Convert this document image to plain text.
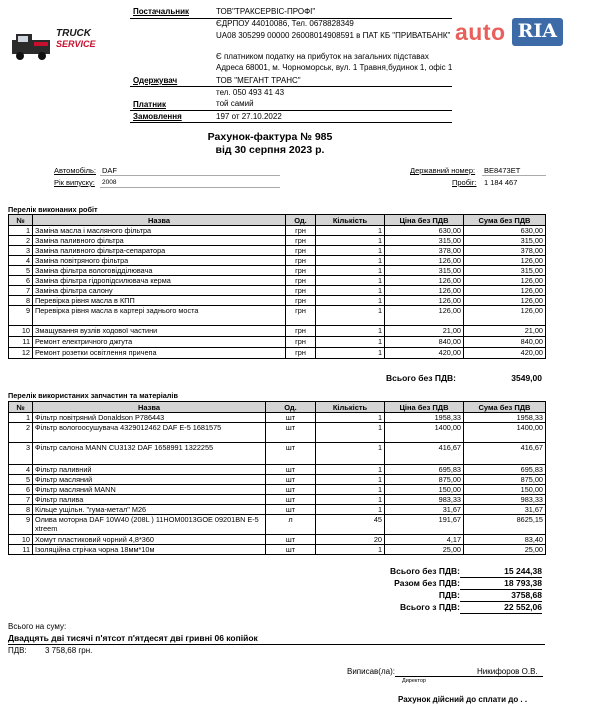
TRUCK
SERVICE	auto RIA
Постачальник	ТОВ"ТРАКСЕРВІС-ПРОФІ"
ЄДРПОУ 44010086, Тел. 0678828349
UA08 305299 00000 26008014908591 в ПАТ КБ "ПРИВАТБАНК"
Є платником податку на прибуток на загальних підставах
Адреса 68001, м. Чорноморськ, вул. 1 Травня,будинок 1, офіс 1
Одержувач	ТОВ "МЕГАНТ ТРАНС"
тел. 050 493 41 43
Платник	той самий
Замовлення	197 от 27.10.2022
Рахунок-фактура № 985
від 30 серпня 2023 р.
Автомобіль: DAF
Рік випуску: 2008
Державний номер: ВЕ8473ЕТ
Пробіг: 1 184 467
Перелік виконаних робіт
№	Назва	Од.	Кількість	Ціна без ПДВ	Сума без ПДВ
1	Заміна масла і масляного фільтра	грн	1	630,00	630,00
2	Заміна паливного фільтра	грн	1	315,00	315,00
3	Заміна паливного фільтра-сепаратора	грн	1	378,00	378,00
4	Заміна повітряного фільтра	грн	1	126,00	126,00
5	Заміна фільтра вологовідділювача	грн	1	315,00	315,00
6	Заміна фільтра гідропідсилювача керма	грн	1	126,00	126,00
7	Заміна фільтра салону	грн	1	126,00	126,00
8	Перевірка рівня масла в КПП	грн	1	126,00	126,00
9	Перевірка рівня масла в картері заднього моста	грн	1	126,00	126,00
10	Змащування вузлів ходової частини	грн	1	21,00	21,00
11	Ремонт електричного джгута	грн	1	840,00	840,00
12	Ремонт розетки освітлення причепа	грн	1	420,00	420,00
Всього без ПДВ:	3549,00
Перелік використаних запчастин та матеріалів
№	Назва	Од.	Кількість	Ціна без ПДВ	Сума без ПДВ
1	Фільтр повітряний Donaldson P786443	шт	1	1958,33	1958,33
2	Фільтр вологоосушувача 4329012462 DAF E-5 1681575	шт	1	1400,00	1400,00
3	Фільтр салона MANN CU3132 DAF 1658991 1322255	шт	1	416,67	416,67
4	Фільтр паливний	шт	1	695,83	695,83
5	Фільтр масляний	шт	1	875,00	875,00
6	Фільтр масляний MANN	шт	1	150,00	150,00
7	Фільтр палива	шт	1	983,33	983,33
8	Кільце ущільн. "гума-метал" M26	шт	1	31,67	31,67
9	Олива моторна DAF 10W40 (208L ) 11НОМ0013GOE 09201BN E-5 xtreem	л	45	191,67	8625,15
10	Хомут пластиковий чорний 4,8*360	шт	20	4,17	83,40
11	Ізоляційна стрічка чорна 18мм*10м	шт	1	25,00	25,00
Всього без ПДВ:	15 244,38
Разом без ПДВ:	18 793,38
ПДВ:	3758,68
Всього з ПДВ:	22 552,06
Всього на суму:
Двадцять дві тисячі п'ятсот п'ятдесят дві гривні 06 копійок
ПДВ: 3 758,68 грн.
Виписав(ла):	Никифоров О.В.
Директор
Рахунок дійсний до сплати до . .
